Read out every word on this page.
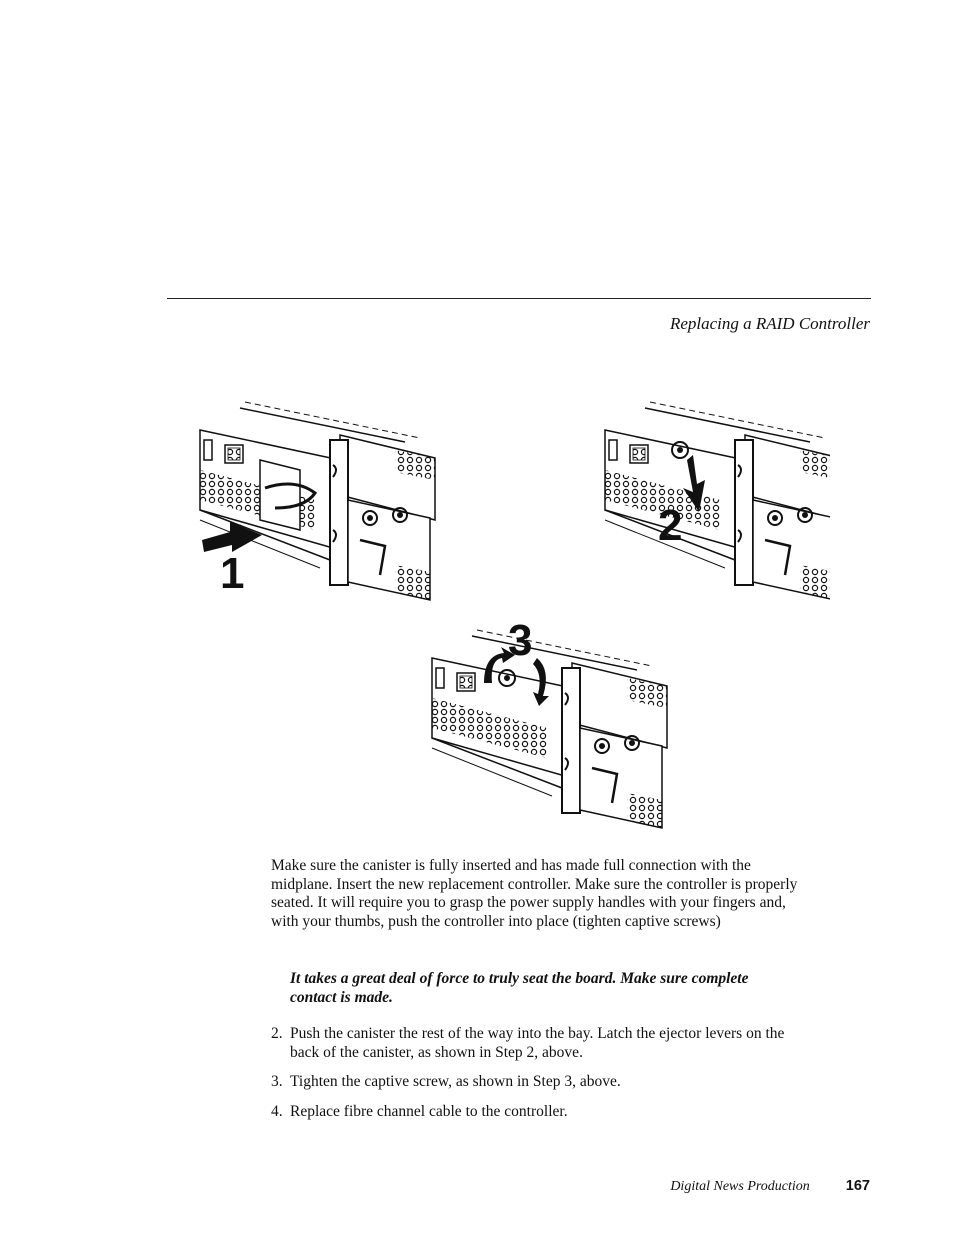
Replacing a RAID Controller
1
2
3
Make sure the canister is fully inserted and has made full connection with the midplane. Insert the new replacement controller. Make sure the controller is properly seated. It will require you to grasp the power supply handles with your fingers and, with your thumbs, push the controller into place (tighten captive screws)
It takes a great deal of force to truly seat the board. Make sure complete contact is made.
2. Push the canister the rest of the way into the bay. Latch the ejector levers on the back of the canister, as shown in Step 2, above.
3. Tighten the captive screw, as shown in Step 3, above.
4. Replace fibre channel cable to the controller.
Digital News Production 167
